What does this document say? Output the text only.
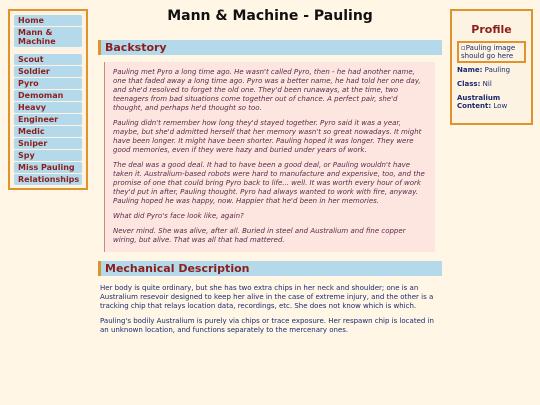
Home
Mann & Machine
Scout
Soldier
Pyro
Demoman
Heavy
Engineer
Medic
Sniper
Spy
Miss Pauling
Relationships
Mann & Machine - Pauling
Backstory

Pauling met Pyro a long time ago. He wasn't called Pyro, then - he had another name, one that faded away a long time ago. Pyro was a better name, he had told her one day, and she'd resolved to forget the old one. They'd been runaways, at the time, two teenagers from bad situations come together out of chance. A perfect pair, she'd thought, and perhaps he'd thought so too.

Pauling didn't remember how long they'd stayed together. Pyro said it was a year, maybe, but she'd admitted herself that her memory wasn't so great nowadays. It might have been longer. It might have been shorter. Pauling hoped it was longer. They were good memories, even if they were hazy and buried under years of work.

The deal was a good deal. It had to have been a good deal, or Pauling wouldn't have taken it. Australium-based robots were hard to manufacture and expensive, too, and the promise of one that could bring Pyro back to life... well. It was worth every hour of work they'd put in after, Pauling thought. Pyro had always wanted to work with fire, anyway. Pauling hoped he was happy, now. Happier that he'd been in her memories.

What did Pyro's face look like, again?

Never mind. She was alive, after all. Buried in steel and Australium and fine copper wiring, but alive. That was all that had mattered.

Mechanical Description

Her body is quite ordinary, but she has two extra chips in her neck and shoulder; one is an Australium resevoir designed to keep her alive in the case of extreme injury, and the other is a tracking chip that relays location data, recordings, etc. She does not know which is which.

Pauling's bodily Australium is purely via chips or trace exposure. Her respawn chip is located in an unknown location, and functions separately to the mercenary ones.

Profile
▫Pauling image should go here
Name: Pauling
Class: Nil
Australium Content: Low
